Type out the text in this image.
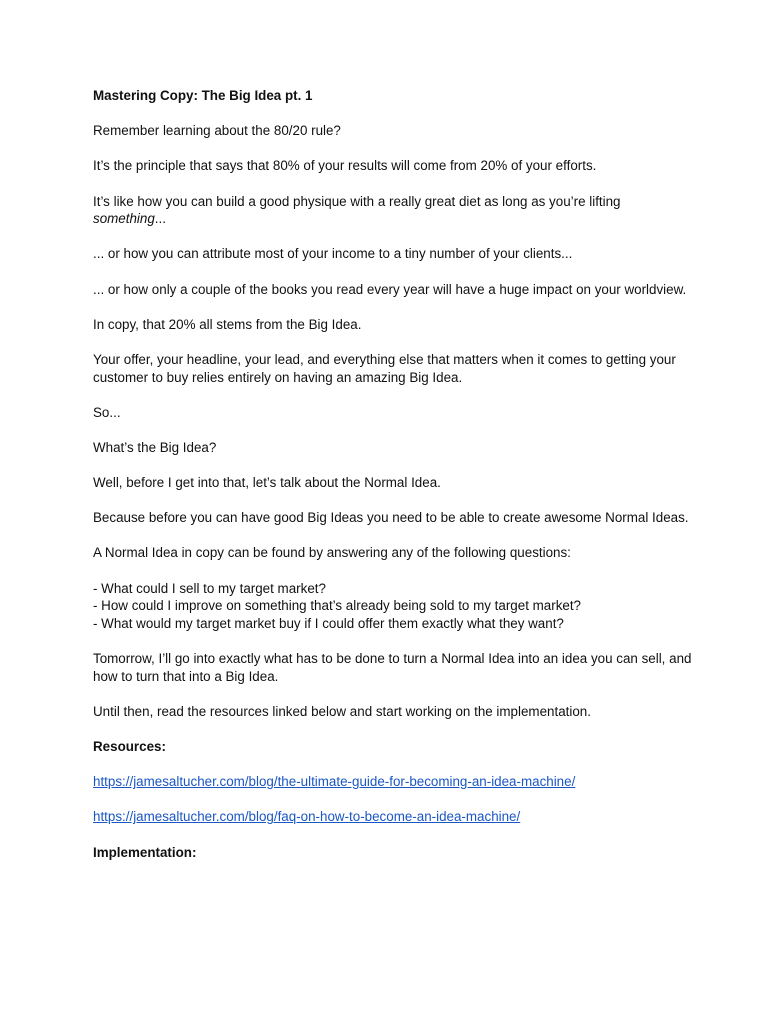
Mastering Copy: The Big Idea pt. 1

Remember learning about the 80/20 rule?

It’s the principle that says that 80% of your results will come from 20% of your efforts.

It’s like how you can build a good physique with a really great diet as long as you’re lifting something...

... or how you can attribute most of your income to a tiny number of your clients...

... or how only a couple of the books you read every year will have a huge impact on your worldview.

In copy, that 20% all stems from the Big Idea.

Your offer, your headline, your lead, and everything else that matters when it comes to getting your customer to buy relies entirely on having an amazing Big Idea.

So...

What’s the Big Idea?

Well, before I get into that, let’s talk about the Normal Idea.

Because before you can have good Big Ideas you need to be able to create awesome Normal Ideas.

A Normal Idea in copy can be found by answering any of the following questions:

- What could I sell to my target market?

- How could I improve on something that’s already being sold to my target market?

- What would my target market buy if I could offer them exactly what they want?

Tomorrow, I’ll go into exactly what has to be done to turn a Normal Idea into an idea you can sell, and how to turn that into a Big Idea.

Until then, read the resources linked below and start working on the implementation.

Resources:

https://jamesaltucher.com/blog/the-ultimate-guide-for-becoming-an-idea-machine/

https://jamesaltucher.com/blog/faq-on-how-to-become-an-idea-machine/

Implementation:
